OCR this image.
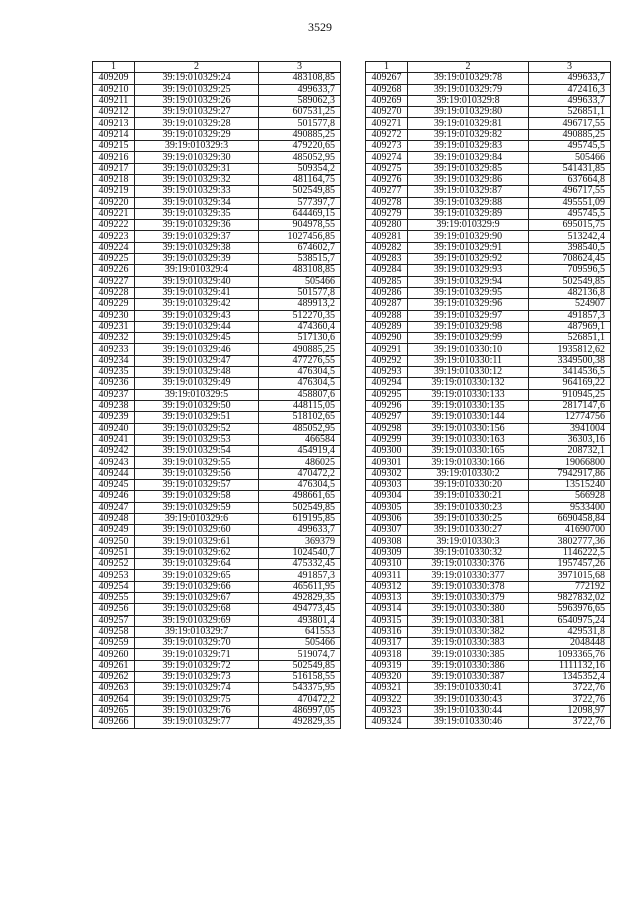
3529
1	2	3
409209	39:19:010329:24	483108,85
409210	39:19:010329:25	499633,7
409211	39:19:010329:26	589062,3
409212	39:19:010329:27	607531,25
409213	39:19:010329:28	501577,8
409214	39:19:010329:29	490885,25
409215	39:19:010329:3	479220,65
409216	39:19:010329:30	485052,95
409217	39:19:010329:31	509354,2
409218	39:19:010329:32	481164,75
409219	39:19:010329:33	502549,85
409220	39:19:010329:34	577397,7
409221	39:19:010329:35	644469,15
409222	39:19:010329:36	904978,55
409223	39:19:010329:37	1027456,85
409224	39:19:010329:38	674602,7
409225	39:19:010329:39	538515,7
409226	39:19:010329:4	483108,85
409227	39:19:010329:40	505466
409228	39:19:010329:41	501577,8
409229	39:19:010329:42	489913,2
409230	39:19:010329:43	512270,35
409231	39:19:010329:44	474360,4
409232	39:19:010329:45	517130,6
409233	39:19:010329:46	490885,25
409234	39:19:010329:47	477276,55
409235	39:19:010329:48	476304,5
409236	39:19:010329:49	476304,5
409237	39:19:010329:5	458807,6
409238	39:19:010329:50	448115,05
409239	39:19:010329:51	518102,65
409240	39:19:010329:52	485052,95
409241	39:19:010329:53	466584
409242	39:19:010329:54	454919,4
409243	39:19:010329:55	486025
409244	39:19:010329:56	470472,2
409245	39:19:010329:57	476304,5
409246	39:19:010329:58	498661,65
409247	39:19:010329:59	502549,85
409248	39:19:010329:6	619195,85
409249	39:19:010329:60	499633,7
409250	39:19:010329:61	369379
409251	39:19:010329:62	1024540,7
409252	39:19:010329:64	475332,45
409253	39:19:010329:65	491857,3
409254	39:19:010329:66	465611,95
409255	39:19:010329:67	492829,35
409256	39:19:010329:68	494773,45
409257	39:19:010329:69	493801,4
409258	39:19:010329:7	641553
409259	39:19:010329:70	505466
409260	39:19:010329:71	519074,7
409261	39:19:010329:72	502549,85
409262	39:19:010329:73	516158,55
409263	39:19:010329:74	543375,95
409264	39:19:010329:75	470472,2
409265	39:19:010329:76	486997,05
409266	39:19:010329:77	492829,35
1	2	3
409267	39:19:010329:78	499633,7
409268	39:19:010329:79	472416,3
409269	39:19:010329:8	499633,7
409270	39:19:010329:80	526851,1
409271	39:19:010329:81	496717,55
409272	39:19:010329:82	490885,25
409273	39:19:010329:83	495745,5
409274	39:19:010329:84	505466
409275	39:19:010329:85	541431,85
409276	39:19:010329:86	637664,8
409277	39:19:010329:87	496717,55
409278	39:19:010329:88	495551,09
409279	39:19:010329:89	495745,5
409280	39:19:010329:9	695015,75
409281	39:19:010329:90	513242,4
409282	39:19:010329:91	398540,5
409283	39:19:010329:92	708624,45
409284	39:19:010329:93	709596,5
409285	39:19:010329:94	502549,85
409286	39:19:010329:95	482136,8
409287	39:19:010329:96	524907
409288	39:19:010329:97	491857,3
409289	39:19:010329:98	487969,1
409290	39:19:010329:99	526851,1
409291	39:19:010330:10	1935812,62
409292	39:19:010330:11	3349500,38
409293	39:19:010330:12	3414536,5
409294	39:19:010330:132	964169,22
409295	39:19:010330:133	910945,25
409296	39:19:010330:135	2817147,6
409297	39:19:010330:144	12774756
409298	39:19:010330:156	3941004
409299	39:19:010330:163	36303,16
409300	39:19:010330:165	208732,1
409301	39:19:010330:166	19066800
409302	39:19:010330:2	7942917,86
409303	39:19:010330:20	13515240
409304	39:19:010330:21	566928
409305	39:19:010330:23	9533400
409306	39:19:010330:25	6690458,84
409307	39:19:010330:27	41690700
409308	39:19:010330:3	3802777,36
409309	39:19:010330:32	1146222,5
409310	39:19:010330:376	1957457,26
409311	39:19:010330:377	3971015,68
409312	39:19:010330:378	772192
409313	39:19:010330:379	9827832,02
409314	39:19:010330:380	5963976,65
409315	39:19:010330:381	6540975,24
409316	39:19:010330:382	429531,8
409317	39:19:010330:383	2048448
409318	39:19:010330:385	1093365,76
409319	39:19:010330:386	1111132,16
409320	39:19:010330:387	1345352,4
409321	39:19:010330:41	3722,76
409322	39:19:010330:43	3722,76
409323	39:19:010330:44	12098,97
409324	39:19:010330:46	3722,76
